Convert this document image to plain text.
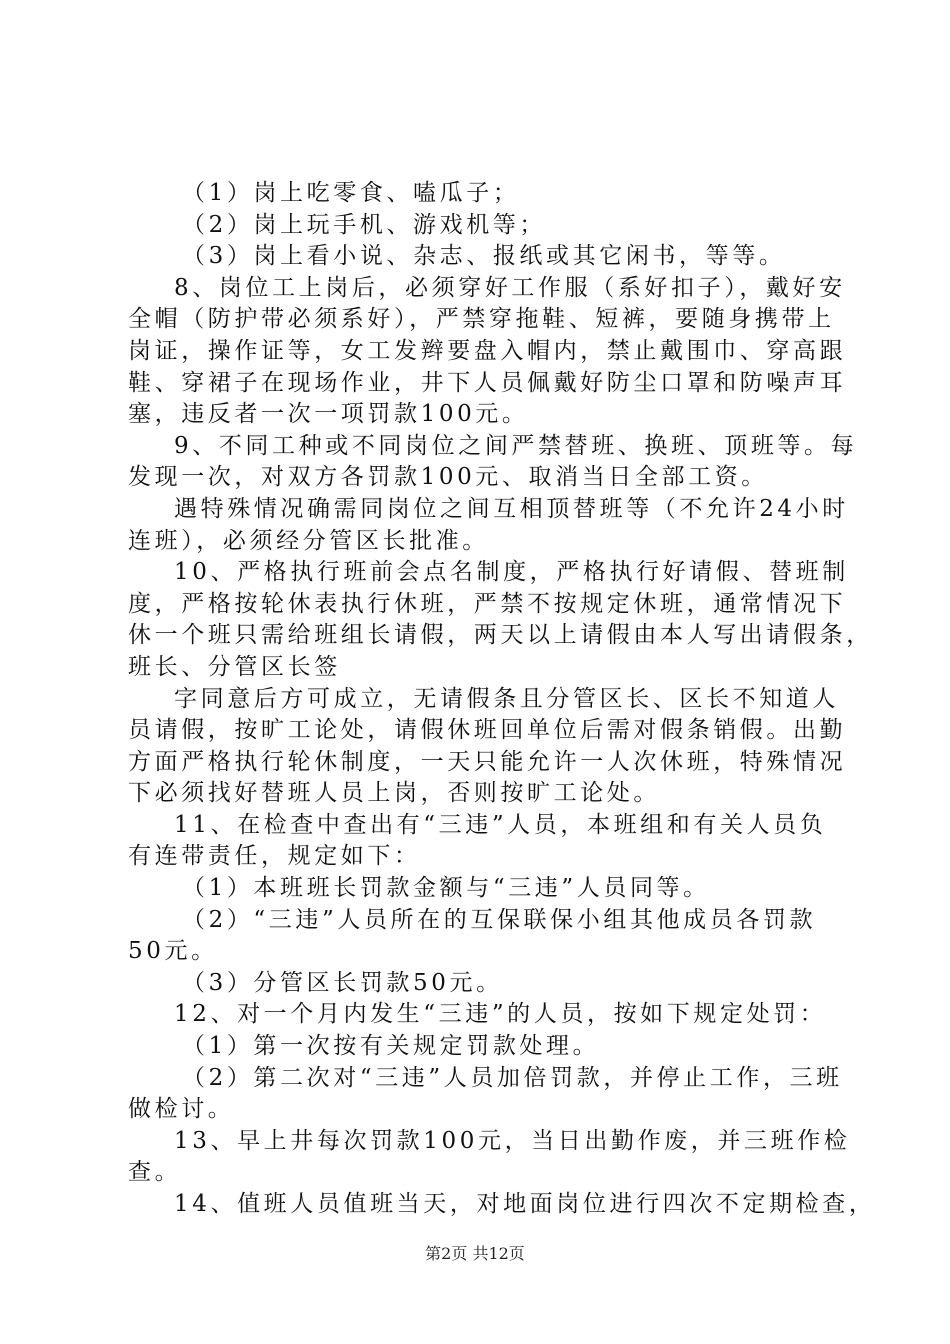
（1）岗上吃零食、嗑瓜子；
（2）岗上玩手机、游戏机等；
（3）岗上看小说、杂志、报纸或其它闲书，等等。
8、岗位工上岗后，必须穿好工作服（系好扣子），戴好安
全帽（防护带必须系好），严禁穿拖鞋、短裤，要随身携带上
岗证，操作证等，女工发辫要盘入帽内，禁止戴围巾、穿高跟
鞋、穿裙子在现场作业，井下人员佩戴好防尘口罩和防噪声耳
塞，违反者一次一项罚款100元。
9、不同工种或不同岗位之间严禁替班、换班、顶班等。每
发现一次，对双方各罚款100元、取消当日全部工资。
遇特殊情况确需同岗位之间互相顶替班等（不允许24小时
连班），必须经分管区长批准。
10、严格执行班前会点名制度，严格执行好请假、替班制
度，严格按轮休表执行休班，严禁不按规定休班，通常情况下
休一个班只需给班组长请假，两天以上请假由本人写出请假条，
班长、分管区长签
字同意后方可成立，无请假条且分管区长、区长不知道人
员请假，按旷工论处，请假休班回单位后需对假条销假。出勤
方面严格执行轮休制度，一天只能允许一人次休班，特殊情况
下必须找好替班人员上岗，否则按旷工论处。
11、在检查中查出有“三违”人员，本班组和有关人员负
有连带责任，规定如下：
（1）本班班长罚款金额与“三违”人员同等。
（2）“三违”人员所在的互保联保小组其他成员各罚款
50元。
（3）分管区长罚款50元。
12、对一个月内发生“三违”的人员，按如下规定处罚：
（1）第一次按有关规定罚款处理。
（2）第二次对“三违”人员加倍罚款，并停止工作，三班
做检讨。
13、早上井每次罚款100元，当日出勤作废，并三班作检
查。
14、值班人员值班当天，对地面岗位进行四次不定期检查，
第2页 共12页
